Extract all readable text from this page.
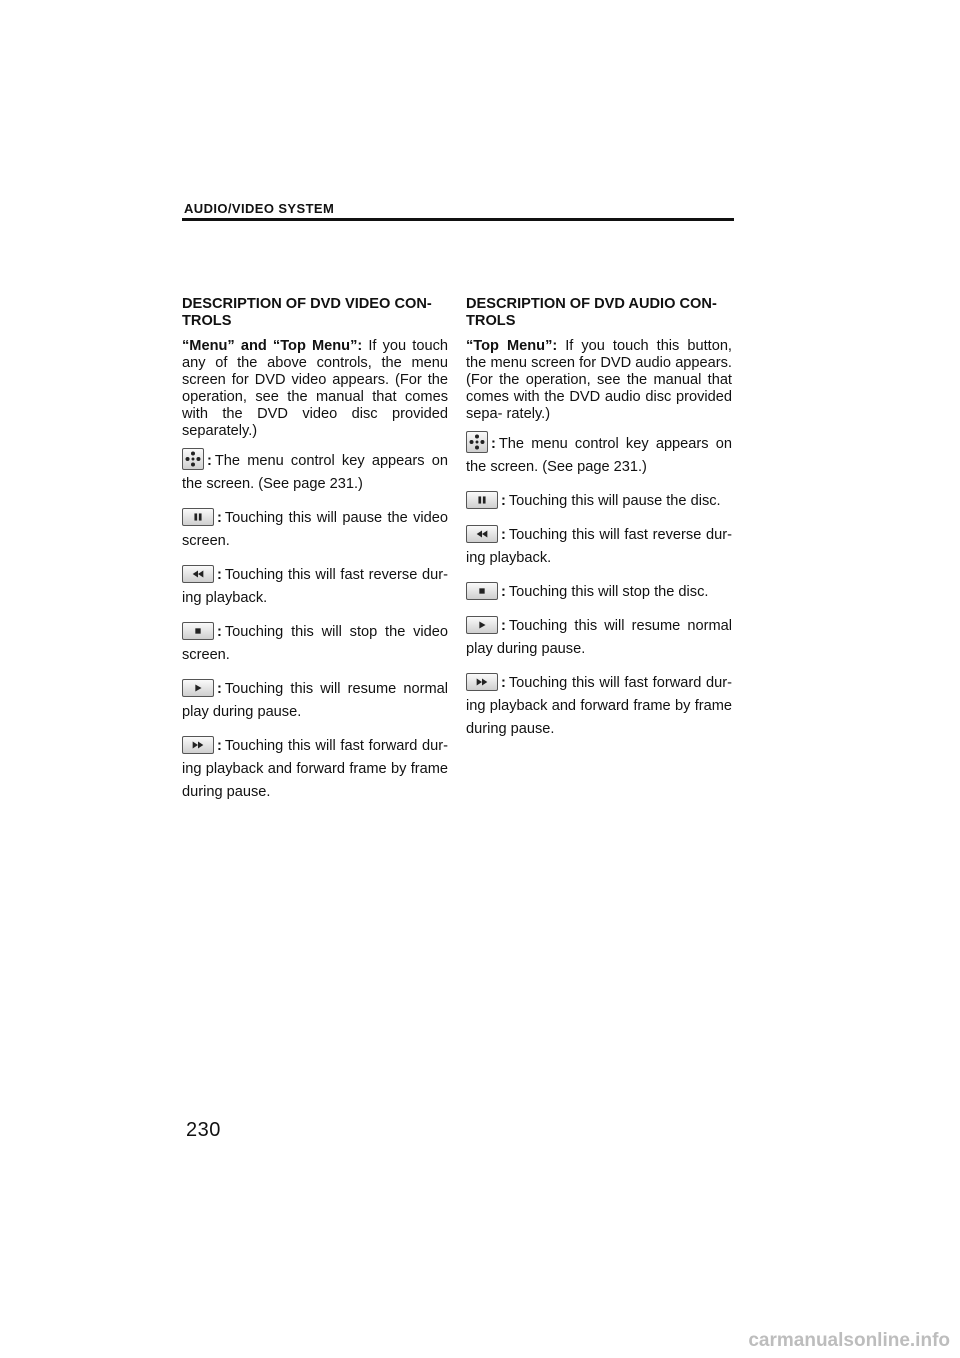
AUDIO/VIDEO SYSTEM
DESCRIPTION OF DVD VIDEO CON- TROLS
“Menu” and “Top Menu”: If you touch any of the above controls, the menu screen for DVD video appears. (For the operation, see the manual that comes with the DVD video disc provided separately.)
: The menu control key appears on the screen. (See page 231.)
: Touching this will pause the video screen.
: Touching this will fast reverse dur- ing playback.
: Touching this will stop the video screen.
: Touching this will resume normal play during pause.
: Touching this will fast forward dur- ing playback and forward frame by frame during pause.
DESCRIPTION OF DVD AUDIO CON- TROLS
“Top Menu”: If you touch this button, the menu screen for DVD audio appears. (For the operation, see the manual that comes with the DVD audio disc provided sepa- rately.)
: The menu control key appears on the screen. (See page 231.)
: Touching this will pause the disc.
: Touching this will fast reverse dur- ing playback.
: Touching this will stop the disc.
: Touching this will resume normal play during pause.
: Touching this will fast forward dur- ing playback and forward frame by frame during pause.
230
carmanualsonline.info
